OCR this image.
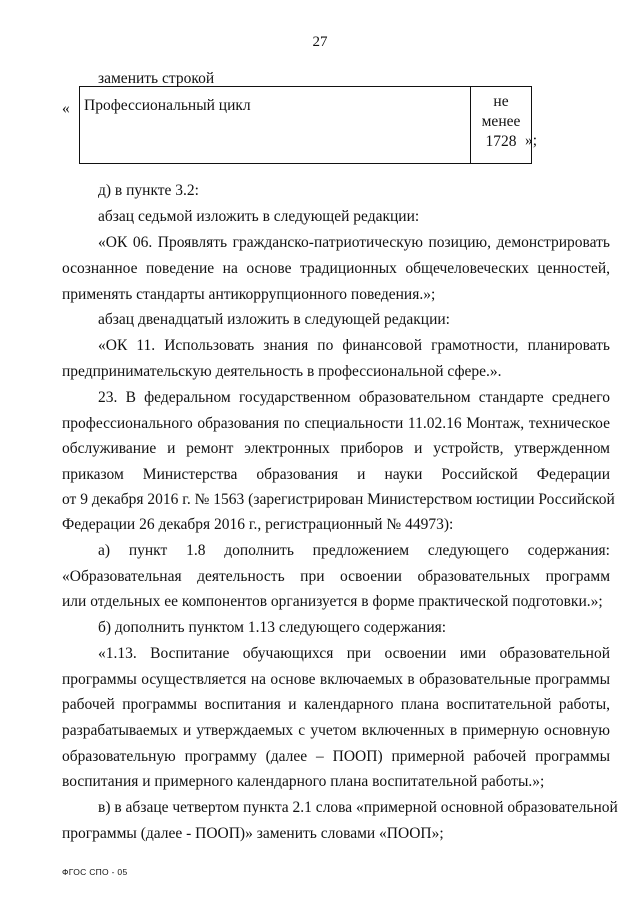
27
заменить строкой
« Професcиональный цикл	не
менее
1728 »;
д) в пункте 3.2:
абзац седьмой изложить в следующей редакции:
«ОК 06. Проявлять гражданско-патриотическую позицию, демонстрировать
осознанное поведение на основе традиционных общечеловеческих ценностей,
применять стандарты антикоррупционного поведения.»;
абзац двенадцатый изложить в следующей редакции:
«ОК 11. Использовать знания по финансовой грамотности, планировать
предпринимательскую деятельность в профессиональной сфере.».
23. В федеральном государственном образовательном стандарте среднего
профессионального образования по специальности 11.02.16 Монтаж, техническое
обслуживание и ремонт электронных приборов и устройств, утвержденном
приказом Министерства образования и науки Российской Федерации
от 9 декабря 2016 г. № 1563 (зарегистрирован Министерством юстиции Российской
Федерации 26 декабря 2016 г., регистрационный № 44973):
а) пункт 1.8 дополнить предложением следующего содержания:
«Образовательная деятельность при освоении образовательных программ
или отдельных ее компонентов организуется в форме практической подготовки.»;
б) дополнить пунктом 1.13 следующего содержания:
«1.13. Воспитание обучающихся при освоении ими образовательной
программы осуществляется на основе включаемых в образовательные программы
рабочей программы воспитания и календарного плана воспитательной работы,
разрабатываемых и утверждаемых с учетом включенных в примерную основную
образовательную программу (далее – ПООП) примерной рабочей программы
воспитания и примерного календарного плана воспитательной работы.»;
в) в абзаце четвертом пункта 2.1 слова «примерной основной образовательной
программы (далее - ПООП)» заменить словами «ПООП»;
ФГОС СПО - 05
